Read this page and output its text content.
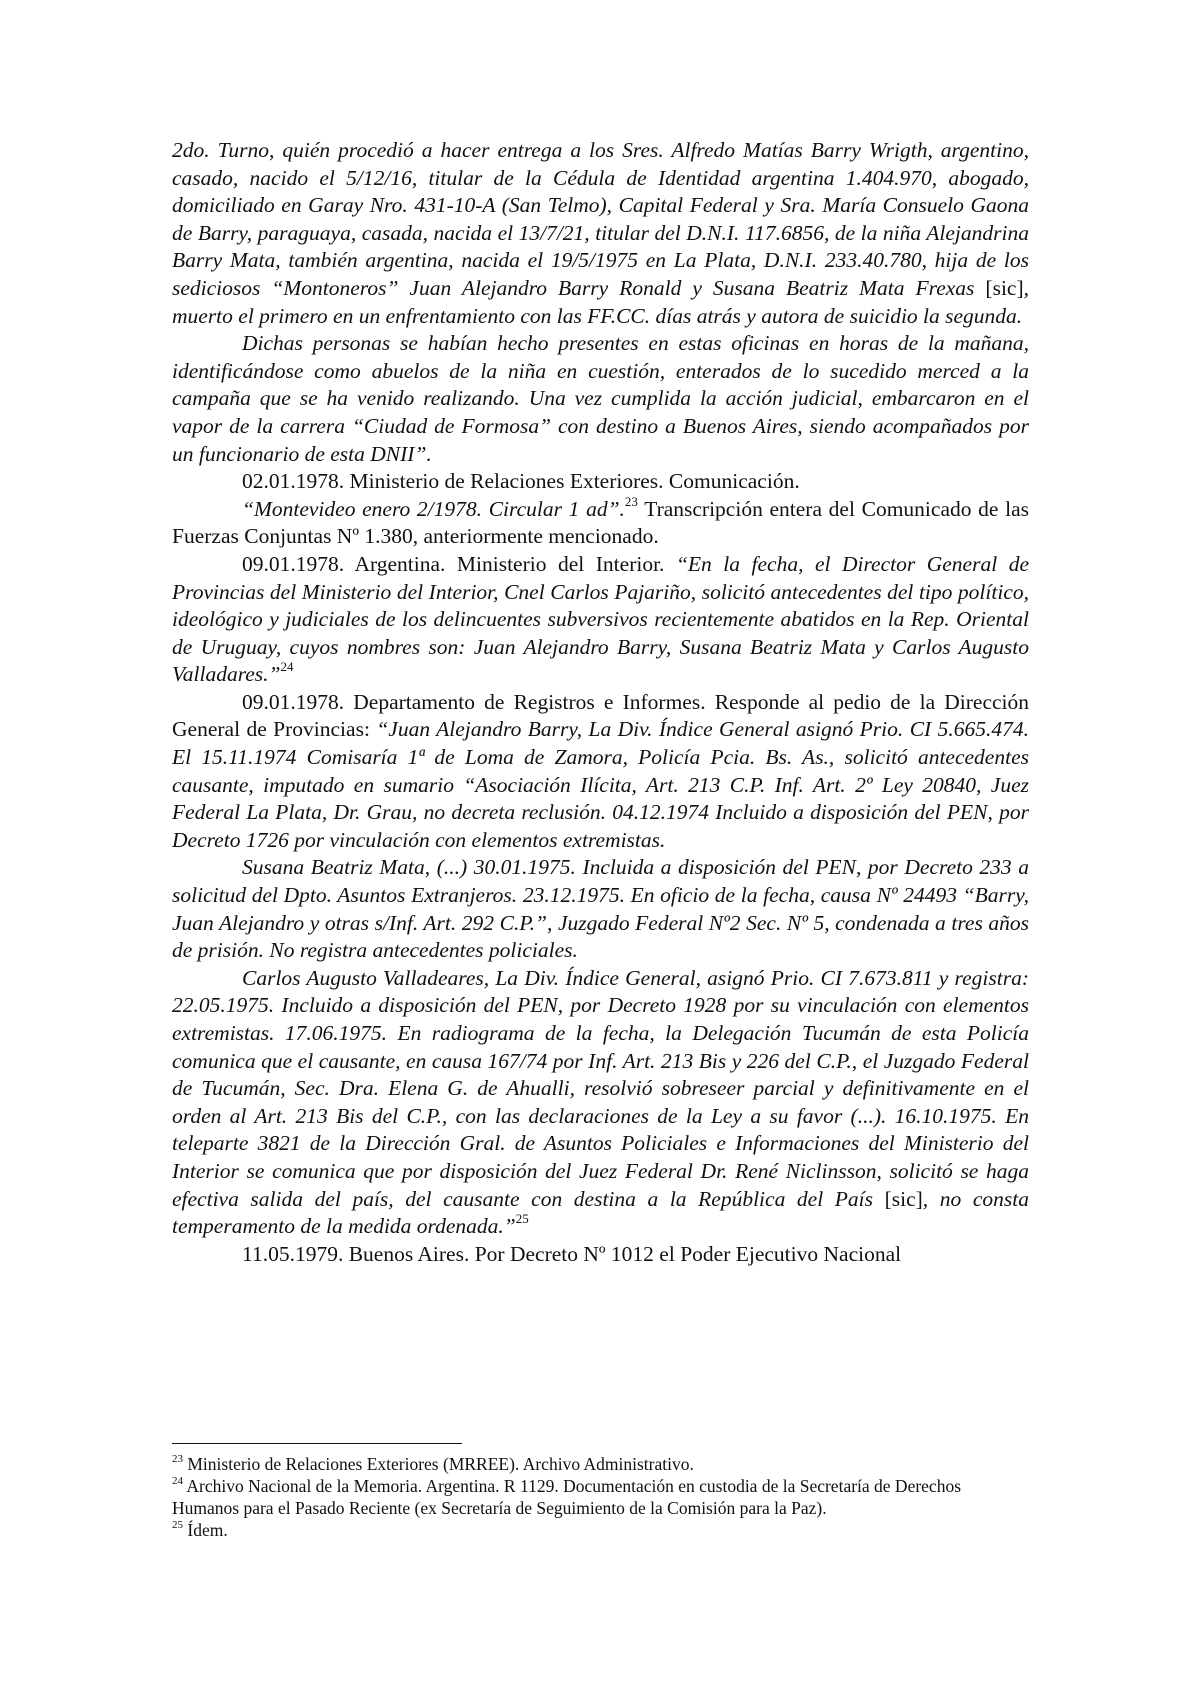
2do. Turno, quién procedió a hacer entrega a los Sres. Alfredo Matías Barry Wrigth, argentino, casado, nacido el 5/12/16, titular de la Cédula de Identidad argentina 1.404.970, abogado, domiciliado en Garay Nro. 431-10-A (San Telmo), Capital Federal y Sra. María Consuelo Gaona de Barry, paraguaya, casada, nacida el 13/7/21, titular del D.N.I. 117.6856, de la niña Alejandrina Barry Mata, también argentina, nacida el 19/5/1975 en La Plata, D.N.I. 233.40.780, hija de los sediciosos “Montoneros” Juan Alejandro Barry Ronald y Susana Beatriz Mata Frexas [sic], muerto el primero en un enfrentamiento con las FF.CC. días atrás y autora de suicidio la segunda.

Dichas personas se habían hecho presentes en estas oficinas en horas de la mañana, identificándose como abuelos de la niña en cuestión, enterados de lo sucedido merced a la campaña que se ha venido realizando. Una vez cumplida la acción judicial, embarcaron en el vapor de la carrera “Ciudad de Formosa” con destino a Buenos Aires, siendo acompañados por un funcionario de esta DNII”.

02.01.1978. Ministerio de Relaciones Exteriores. Comunicación.

“Montevideo enero 2/1978. Circular 1 ad”.$^{23}$ Transcripción entera del Comunicado de las Fuerzas Conjuntas Nº 1.380, anteriormente mencionado.

09.01.1978. Argentina. Ministerio del Interior. “En la fecha, el Director General de Provincias del Ministerio del Interior, Cnel Carlos Pajariño, solicitó antecedentes del tipo político, ideológico y judiciales de los delincuentes subversivos recientemente abatidos en la Rep. Oriental de Uruguay, cuyos nombres son: Juan Alejandro Barry, Susana Beatriz Mata y Carlos Augusto Valladares.”$^{24}$

09.01.1978. Departamento de Registros e Informes. Responde al pedio de la Dirección General de Provincias: “Juan Alejandro Barry, La Div. Índice General asignó Prio. CI 5.665.474. El 15.11.1974 Comisaría 1ª de Loma de Zamora, Policía Pcia. Bs. As., solicitó antecedentes causante, imputado en sumario “Asociación Ilícita, Art. 213 C.P. Inf. Art. 2º Ley 20840, Juez Federal La Plata, Dr. Grau, no decreta reclusión. 04.12.1974 Incluido a disposición del PEN, por Decreto 1726 por vinculación con elementos extremistas.

Susana Beatriz Mata, (...) 30.01.1975. Incluida a disposición del PEN, por Decreto 233 a solicitud del Dpto. Asuntos Extranjeros. 23.12.1975. En oficio de la fecha, causa Nº 24493 “Barry, Juan Alejandro y otras s/Inf. Art. 292 C.P.”, Juzgado Federal Nº2 Sec. Nº 5, condenada a tres años de prisión. No registra antecedentes policiales.

Carlos Augusto Valladeares, La Div. Índice General, asignó Prio. CI 7.673.811 y registra: 22.05.1975. Incluido a disposición del PEN, por Decreto 1928 por su vinculación con elementos extremistas. 17.06.1975. En radiograma de la fecha, la Delegación Tucumán de esta Policía comunica que el causante, en causa 167/74 por Inf. Art. 213 Bis y 226 del C.P., el Juzgado Federal de Tucumán, Sec. Dra. Elena G. de Ahualli, resolvió sobreseer parcial y definitivamente en el orden al Art. 213 Bis del C.P., con las declaraciones de la Ley a su favor (...). 16.10.1975. En teleparte 3821 de la Dirección Gral. de Asuntos Policiales e Informaciones del Ministerio del Interior se comunica que por disposición del Juez Federal Dr. René Niclinsson, solicitó se haga efectiva salida del país, del causante con destina a la República del País [sic], no consta temperamento de la medida ordenada.”$^{25}$

11.05.1979. Buenos Aires. Por Decreto Nº 1012 el Poder Ejecutivo Nacional

$^{23}$ Ministerio de Relaciones Exteriores (MRREE). Archivo Administrativo.

$^{24}$ Archivo Nacional de la Memoria. Argentina. R 1129. Documentación en custodia de la Secretaría de Derechos Humanos para el Pasado Reciente (ex Secretaría de Seguimiento de la Comisión para la Paz).

$^{25}$ Ídem.
